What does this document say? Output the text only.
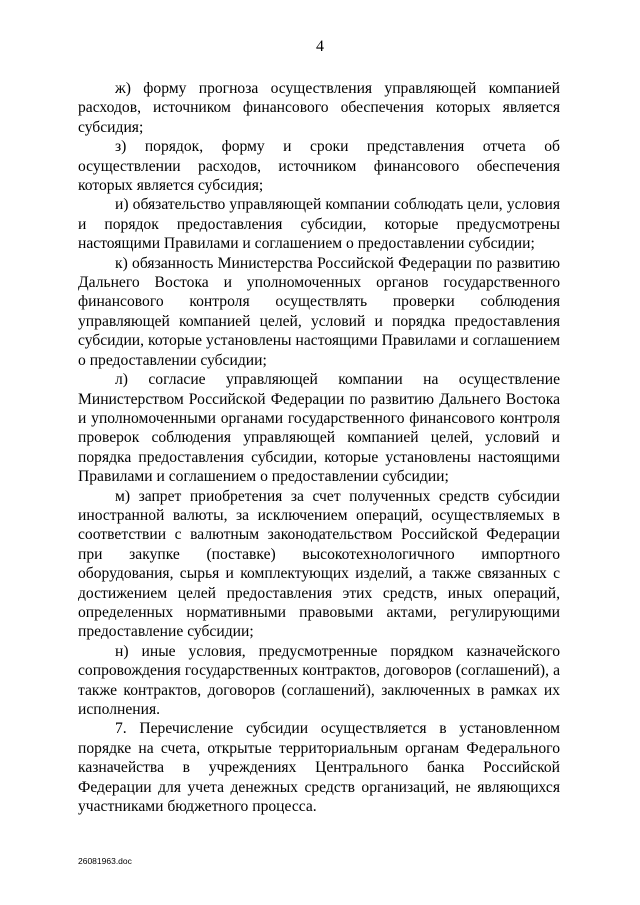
4

ж) форму прогноза осуществления управляющей компанией расходов, источником финансового обеспечения которых является субсидия;

з) порядок, форму и сроки представления отчета об осуществлении расходов, источником финансового обеспечения которых является субсидия;

и) обязательство управляющей компании соблюдать цели, условия и порядок предоставления субсидии, которые предусмотрены настоящими Правилами и соглашением о предоставлении субсидии;

к) обязанность Министерства Российской Федерации по развитию Дальнего Востока и уполномоченных органов государственного финансового контроля осуществлять проверки соблюдения управляющей компанией целей, условий и порядка предоставления субсидии, которые установлены настоящими Правилами и соглашением о предоставлении субсидии;

л) согласие управляющей компании на осуществление Министерством Российской Федерации по развитию Дальнего Востока и уполномоченными органами государственного финансового контроля проверок соблюдения управляющей компанией целей, условий и порядка предоставления субсидии, которые установлены настоящими Правилами и соглашением о предоставлении субсидии;

м) запрет приобретения за счет полученных средств субсидии иностранной валюты, за исключением операций, осуществляемых в соответствии с валютным законодательством Российской Федерации при закупке (поставке) высокотехнологичного импортного оборудования, сырья и комплектующих изделий, а также связанных с достижением целей предоставления этих средств, иных операций, определенных нормативными правовыми актами, регулирующими предоставление субсидии;

н) иные условия, предусмотренные порядком казначейского сопровождения государственных контрактов, договоров (соглашений), а также контрактов, договоров (соглашений), заключенных в рамках их исполнения.

7. Перечисление субсидии осуществляется в установленном порядке на счета, открытые территориальным органам Федерального казначейства в учреждениях Центрального банка Российской Федерации для учета денежных средств организаций, не являющихся участниками бюджетного процесса.

26081963.doc
